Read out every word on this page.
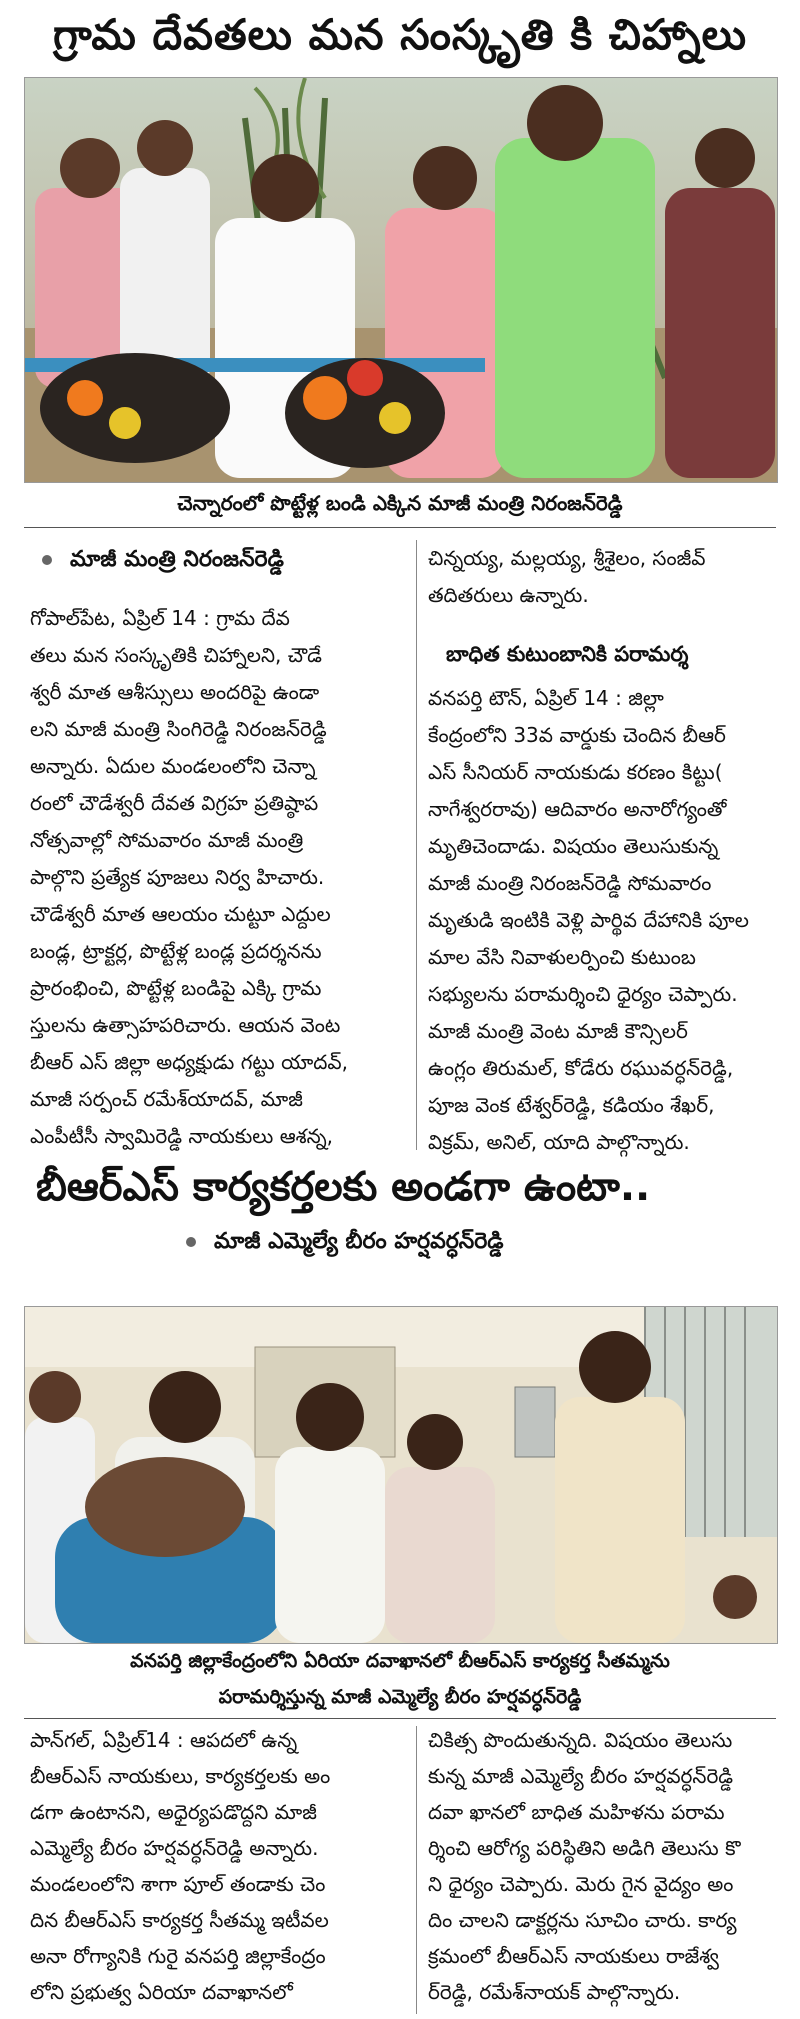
గ్రామ దేవతలు మన సంస్కృతి కి చిహ్నాలు
చెన్నారంలో పొట్టేళ్ల బండి ఎక్కిన మాజీ మంత్రి నిరంజన్‌రెడ్డి
మాజీ మంత్రి నిరంజన్‌రెడ్డి

గోపాల్‌పేట, ఏప్రిల్ 14 : గ్రామ దేవ

తలు మన సంస్కృతికి చిహ్నాలని, చౌడే

శ్వరీ మాత ఆశీస్సులు అందరిపై ఉండా

లని మాజీ మంత్రి సింగిరెడ్డి నిరంజన్‌రెడ్డి

అన్నారు. ఏదుల మండలంలోని చెన్నా

రంలో చౌడేశ్వరీ దేవత విగ్రహ ప్రతిష్ఠాప

నోత్సవాల్లో సోమవారం మాజీ మంత్రి

పాల్గొని ప్రత్యేక పూజలు నిర్వ హిచారు.

చౌడేశ్వరీ మాత ఆలయం చుట్టూ ఎద్దుల

బండ్ల, ట్రాక్టర్ల, పొట్టేళ్ల బండ్ల ప్రదర్శనను

ప్రారంభించి, పొట్టేళ్ల బండిపై ఎక్కి గ్రామ

స్తులను ఉత్సాహపరిచారు. ఆయన వెంట

బీఆర్ ఎస్ జిల్లా అధ్యక్షుడు గట్టు యాదవ్,

మాజీ సర్పంచ్ రమేశ్‌యాదవ్, మాజీ

ఎంపీటీసీ స్వామిరెడ్డి నాయకులు ఆశన్న,

చిన్నయ్య, మల్లయ్య, శ్రీశైలం, సంజీవ్

తదితరులు ఉన్నారు.

బాధిత కుటుంబానికి పరామర్శ

వనపర్తి టౌన్, ఏప్రిల్ 14 : జిల్లా

కేంద్రంలోని 33వ వార్డుకు చెందిన బీఆర్

ఎస్ సీనియర్ నాయకుడు కరణం కిట్టు(

నాగేశ్వరరావు) ఆదివారం అనారోగ్యంతో

మృతిచెందాడు. విషయం తెలుసుకున్న

మాజీ మంత్రి నిరంజన్‌రెడ్డి సోమవారం

మృతుడి ఇంటికి వెళ్లి పార్థివ దేహానికి పూల

మాల వేసి నివాళులర్పించి కుటుంబ

సభ్యులను పరామర్శించి ధైర్యం చెప్పారు.

మాజీ మంత్రి వెంట మాజీ కౌన్సిలర్

ఉంగ్లం తిరుమల్, కోడేరు రఘువర్ధన్‌రెడ్డి,

పూజ వెంక టేశ్వర్‌రెడ్డి, కడియం శేఖర్,

విక్రమ్, అనిల్, యాది పాల్గొన్నారు.

బీఆర్ఎస్ కార్యకర్తలకు అండగా ఉంటా..
మాజీ ఎమ్మెల్యే బీరం హర్షవర్ధన్‌రెడ్డి
వనపర్తి జిల్లాకేంద్రంలోని ఏరియా దవాఖానలో బీఆర్ఎస్ కార్యకర్త సీతమ్మను
పరామర్శిస్తున్న మాజీ ఎమ్మెల్యే బీరం హర్షవర్ధన్‌రెడ్డి

పాన్‌గల్, ఏప్రిల్14 : ఆపదలో ఉన్న

బీఆర్ఎస్ నాయకులు, కార్యకర్తలకు అం

డగా ఉంటానని, అధైర్యపడొద్దని మాజీ

ఎమ్మెల్యే బీరం హర్షవర్ధన్‌రెడ్డి అన్నారు.

మండలంలోని శాగా పూల్ తండాకు చెం

దిన బీఆర్ఎస్ కార్యకర్త సీతమ్మ ఇటీవల

అనా రోగ్యానికి గురై వనపర్తి జిల్లాకేంద్రం

లోని ప్రభుత్వ ఏరియా దవాఖానలో

చికిత్స పొందుతున్నది. విషయం తెలుసు

కున్న మాజీ ఎమ్మెల్యే బీరం హర్షవర్ధన్‌రెడ్డి

దవా ఖానలో బాధిత మహిళను పరామ

ర్శించి ఆరోగ్య పరిస్థితిని అడిగి తెలుసు కొ

ని ధైర్యం చెప్పారు. మెరు గైన వైద్యం అం

దిం చాలని డాక్టర్లను సూచిం చారు. కార్య

క్రమంలో బీఆర్ఎస్ నాయకులు రాజేశ్వ

ర్‌రెడ్డి, రమేశ్‌నాయక్ పాల్గొన్నారు.
